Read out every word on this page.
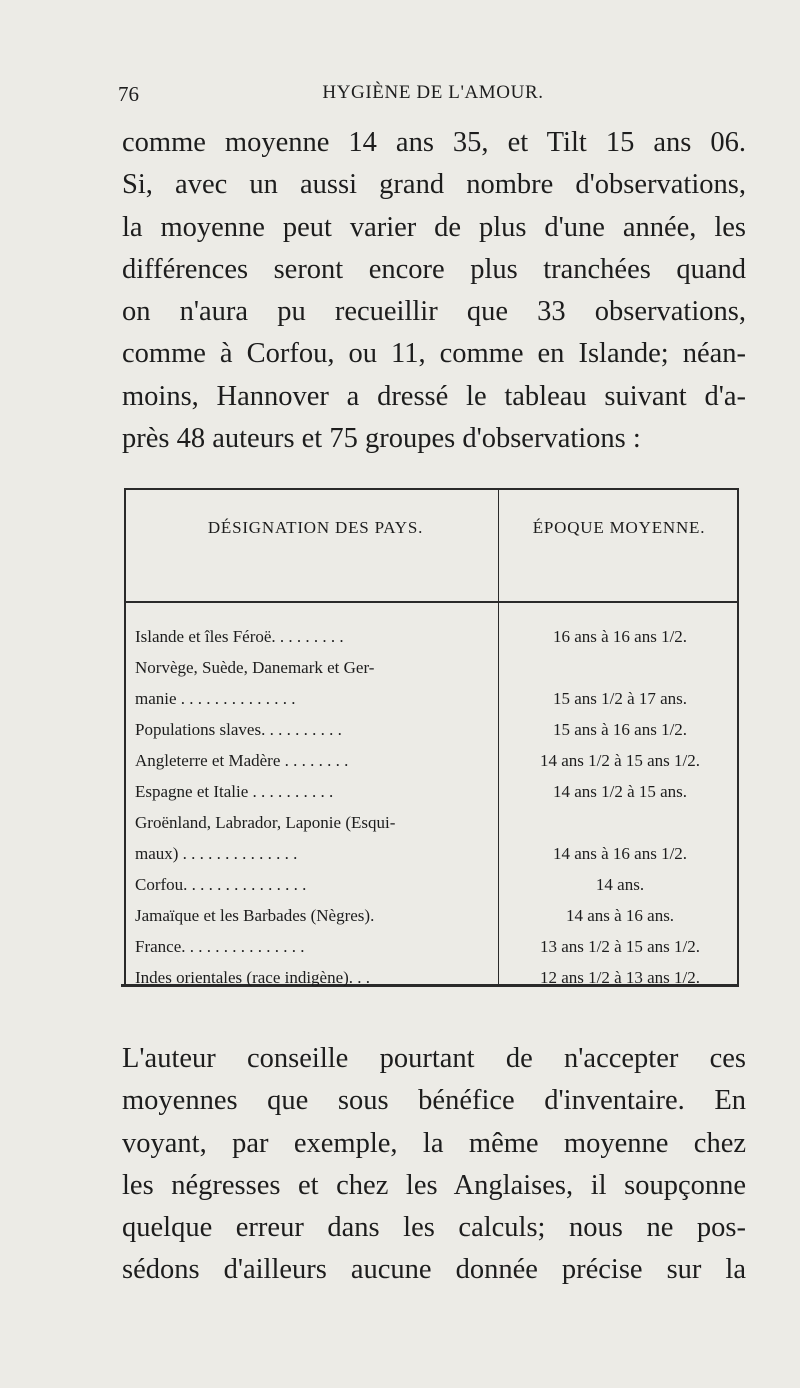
76	HYGIÈNE DE L'AMOUR.
comme moyenne 14 ans 35, et Tilt 15 ans 06.
Si, avec un aussi grand nombre d'observations,
la moyenne peut varier de plus d'une année, les
différences seront encore plus tranchées quand
on n'aura pu recueillir que 33 observations,
comme à Corfou, ou 11, comme en Islande; néan-
moins, Hannover a dressé le tableau suivant d'a-
près 48 auteurs et 75 groupes d'observations :
DÉSIGNATION DES PAYS.	ÉPOQUE MOYENNE.
Islande et îles Féroë. . . . . . . . .	16 ans à 16 ans 1/2.
Norvège, Suède, Danemark et Ger-
manie . . . . . . . . . . . . . .	15 ans 1/2 à 17 ans.
Populations slaves. . . . . . . . . .	15 ans à 16 ans 1/2.
Angleterre et Madère . . . . . . . .	14 ans 1/2 à 15 ans 1/2.
Espagne et Italie . . . . . . . . . .	14 ans 1/2 à 15 ans.
Groënland, Labrador, Laponie (Esqui-
maux) . . . . . . . . . . . . . .	14 ans à 16 ans 1/2.
Corfou. . . . . . . . . . . . . . .	14 ans.
Jamaïque et les Barbades (Nègres).	14 ans à 16 ans.
France. . . . . . . . . . . . . . .	13 ans 1/2 à 15 ans 1/2.
Indes orientales (race indigène). . .	12 ans 1/2 à 13 ans 1/2.
L'auteur conseille pourtant de n'accepter ces
moyennes que sous bénéfice d'inventaire. En
voyant, par exemple, la même moyenne chez
les négresses et chez les Anglaises, il soupçonne
quelque erreur dans les calculs; nous ne pos-
sédons d'ailleurs aucune donnée précise sur la
